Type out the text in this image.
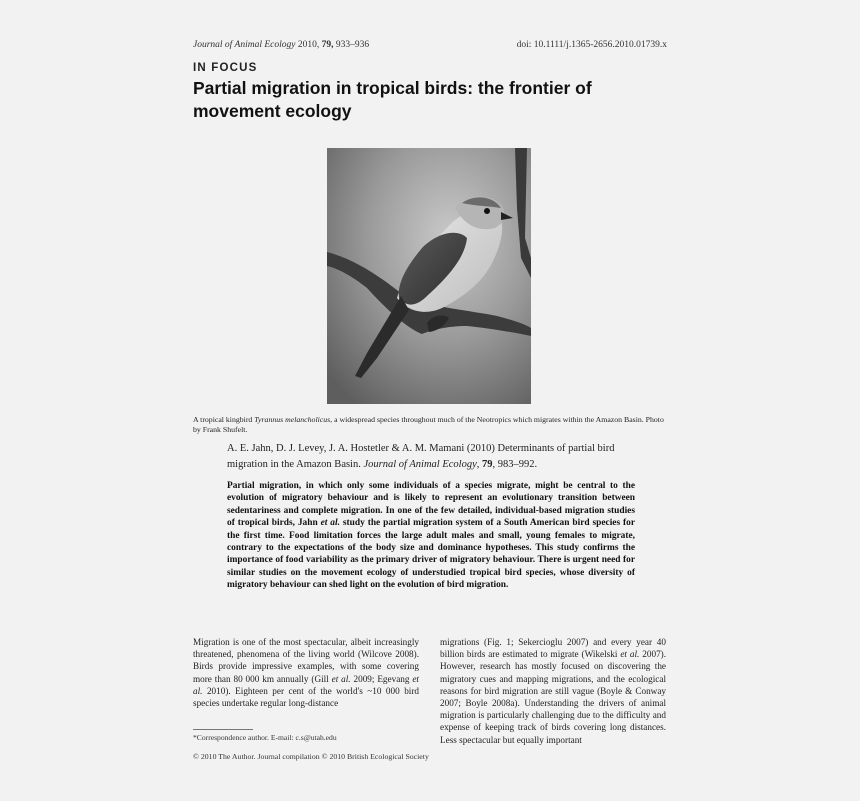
Journal of Animal Ecology 2010, 79, 933–936	doi: 10.1111/j.1365-2656.2010.01739.x
IN FOCUS
Partial migration in tropical birds: the frontier of movement ecology
A tropical kingbird Tyrannus melancholicus, a widespread species throughout much of the Neotropics which migrates within the Amazon Basin. Photo by Frank Shufelt.
A. E. Jahn, D. J. Levey, J. A. Hostetler & A. M. Mamani (2010) Determinants of partial bird migration in the Amazon Basin. Journal of Animal Ecology, 79, 983–992.
Partial migration, in which only some individuals of a species migrate, might be central to the evolution of migratory behaviour and is likely to represent an evolutionary transition between sedentariness and complete migration. In one of the few detailed, individual-based migration studies of tropical birds, Jahn et al. study the partial migration system of a South American bird species for the first time. Food limitation forces the large adult males and small, young females to migrate, contrary to the expectations of the body size and dominance hypotheses. This study confirms the importance of food variability as the primary driver of migratory behaviour. There is urgent need for similar studies on the movement ecology of understudied tropical bird species, whose diversity of migratory behaviour can shed light on the evolution of bird migration.
Migration is one of the most spectacular, albeit increasingly threatened, phenomena of the living world (Wilcove 2008). Birds provide impressive examples, with some covering more than 80 000 km annually (Gill et al. 2009; Egevang et al. 2010). Eighteen per cent of the world's ~10 000 bird species undertake regular long-distance
migrations (Fig. 1; Sekercioglu 2007) and every year 40 billion birds are estimated to migrate (Wikelski et al. 2007). However, research has mostly focused on discovering the migratory cues and mapping migrations, and the ecological reasons for bird migration are still vague (Boyle & Conway 2007; Boyle 2008a). Understanding the drivers of animal migration is particularly challenging due to the difficulty and expense of keeping track of birds covering long distances. Less spectacular but equally important
*Correspondence author. E-mail: c.s@utah.edu
© 2010 The Author. Journal compilation © 2010 British Ecological Society
